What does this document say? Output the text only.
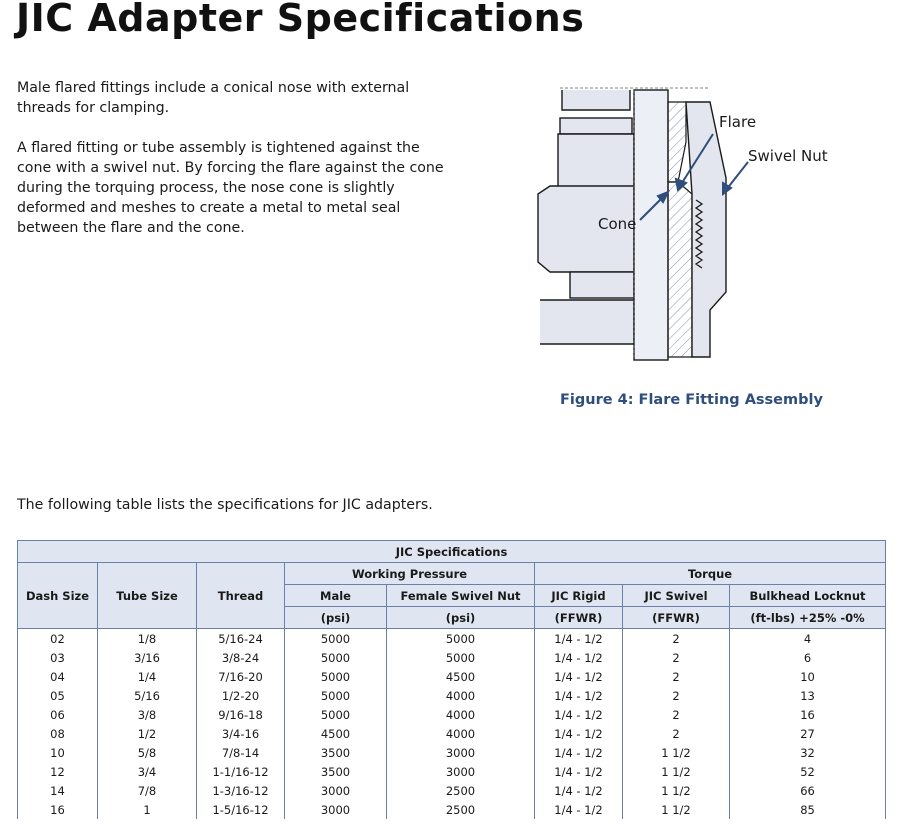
JIC Adapter Specifications

Male flared fittings include a conical nose with external threads for clamping.

A flared fitting or tube assembly is tightened against the cone with a swivel nut. By forcing the flare against the cone during the torquing process, the nose cone is slightly deformed and meshes to create a metal to metal seal between the flare and the cone.

Flare
Swivel Nut
Cone
Figure 4: Flare Fitting Assembly
The following table lists the specifications for JIC adapters.
JIC Specifications							
Dash Size	Tube Size	Thread	Working Pressure		Torque		
			Male	Female Swivel Nut	JIC Rigid	JIC Swivel	Bulkhead Locknut
			(psi)	(psi)	(FFWR)	(FFWR)	(ft-lbs) +25% -0%
02	1/8	5/16-24	5000	5000	1/4 - 1/2	2	4
03	3/16	3/8-24	5000	5000	1/4 - 1/2	2	6
04	1/4	7/16-20	5000	4500	1/4 - 1/2	2	10
05	5/16	1/2-20	5000	4000	1/4 - 1/2	2	13
06	3/8	9/16-18	5000	4000	1/4 - 1/2	2	16
08	1/2	3/4-16	4500	4000	1/4 - 1/2	2	27
10	5/8	7/8-14	3500	3000	1/4 - 1/2	1 1/2	32
12	3/4	1-1/16-12	3500	3000	1/4 - 1/2	1 1/2	52
14	7/8	1-3/16-12	3000	2500	1/4 - 1/2	1 1/2	66
16	1	1-5/16-12	3000	2500	1/4 - 1/2	1 1/2	85
